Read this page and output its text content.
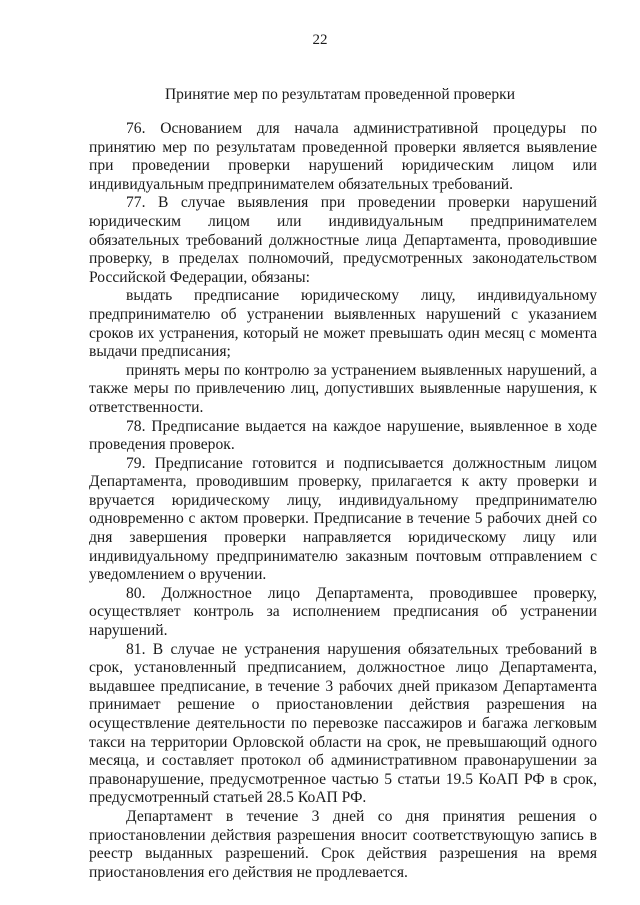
22
Принятие мер по результатам проведенной проверки

76. Основанием для начала административной процедуры по принятию мер по результатам проведенной проверки является выявление при проведении проверки нарушений юридическим лицом или индивидуальным предпринимателем обязательных требований.

77. В случае выявления при проведении проверки нарушений юридическим лицом или индивидуальным предпринимателем обязательных требований должностные лица Департамента, проводившие проверку, в пределах полномочий, предусмотренных законодательством Российской Федерации, обязаны:

выдать предписание юридическому лицу, индивидуальному предпринимателю об устранении выявленных нарушений с указанием сроков их устранения, который не может превышать один месяц с момента выдачи предписания;

принять меры по контролю за устранением выявленных нарушений, а также меры по привлечению лиц, допустивших выявленные нарушения, к ответственности.

78. Предписание выдается на каждое нарушение, выявленное в ходе проведения проверок.

79. Предписание готовится и подписывается должностным лицом Департамента, проводившим проверку, прилагается к акту проверки и вручается юридическому лицу, индивидуальному предпринимателю одновременно с актом проверки. Предписание в течение 5 рабочих дней со дня завершения проверки направляется юридическому лицу или индивидуальному предпринимателю заказным почтовым отправлением с уведомлением о вручении.

80. Должностное лицо Департамента, проводившее проверку, осуществляет контроль за исполнением предписания об устранении нарушений.

81. В случае не устранения нарушения обязательных требований в срок, установленный предписанием, должностное лицо Департамента, выдавшее предписание, в течение 3 рабочих дней приказом Департамента принимает решение о приостановлении действия разрешения на осуществление деятельности по перевозке пассажиров и багажа легковым такси на территории Орловской области на срок, не превышающий одного месяца, и составляет протокол об административном правонарушении за правонарушение, предусмотренное частью 5 статьи 19.5 КоАП РФ в срок, предусмотренный статьей 28.5 КоАП РФ.

Департамент в течение 3 дней со дня принятия решения о приостановлении действия разрешения вносит соответствующую запись в реестр выданных разрешений. Срок действия разрешения на время приостановления его действия не продлевается.
